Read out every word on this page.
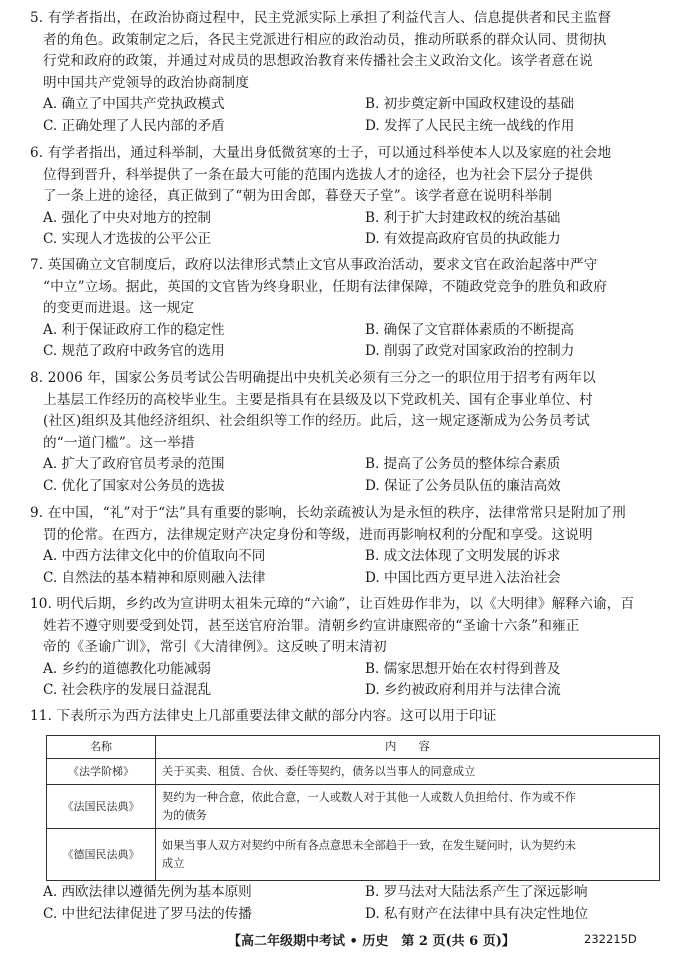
5. 有学者指出，在政治协商过程中，民主党派实际上承担了利益代言人、信息提供者和民主监督
者的角色。政策制定之后，各民主党派进行相应的政治动员，推动所联系的群众认同、贯彻执
行党和政府的政策，并通过对成员的思想政治教育来传播社会主义政治文化。该学者意在说
明中国共产党领导的政治协商制度
A. 确立了中国共产党执政模式	B. 初步奠定新中国政权建设的基础
C. 正确处理了人民内部的矛盾	D. 发挥了人民民主统一战线的作用
6. 有学者指出，通过科举制，大量出身低微贫寒的士子，可以通过科举使本人以及家庭的社会地
位得到晋升，科举提供了一条在最大可能的范围内选拔人才的途径，也为社会下层分子提供
了一条上进的途径，真正做到了“朝为田舍郎，暮登天子堂”。该学者意在说明科举制
A. 强化了中央对地方的控制	B. 利于扩大封建政权的统治基础
C. 实现人才选拔的公平公正	D. 有效提高政府官员的执政能力
7. 英国确立文官制度后，政府以法律形式禁止文官从事政治活动，要求文官在政治起落中严守
“中立”立场。据此，英国的文官皆为终身职业，任期有法律保障，不随政党竞争的胜负和政府
的变更而进退。这一规定
A. 利于保证政府工作的稳定性	B. 确保了文官群体素质的不断提高
C. 规范了政府中政务官的选用	D. 削弱了政党对国家政治的控制力
8. 2006 年，国家公务员考试公告明确提出中央机关必须有三分之一的职位用于招考有两年以
上基层工作经历的高校毕业生。主要是指具有在县级及以下党政机关、国有企事业单位、村
(社区)组织及其他经济组织、社会组织等工作的经历。此后，这一规定逐渐成为公务员考试
的“一道门槛”。这一举措
A. 扩大了政府官员考录的范围	B. 提高了公务员的整体综合素质
C. 优化了国家对公务员的选拔	D. 保证了公务员队伍的廉洁高效
9. 在中国，“礼”对于“法”具有重要的影响，长幼亲疏被认为是永恒的秩序，法律常常只是附加了刑
罚的伦常。在西方，法律规定财产决定身份和等级，进而再影响权利的分配和享受。这说明
A. 中西方法律文化中的价值取向不同	B. 成文法体现了文明发展的诉求
C. 自然法的基本精神和原则融入法律	D. 中国比西方更早进入法治社会
10. 明代后期，乡约改为宣讲明太祖朱元璋的“六谕”，让百姓毋作非为，以《大明律》解释六谕，百
姓若不遵守则要受到处罚，甚至送官府治罪。清朝乡约宣讲康熙帝的“圣谕十六条”和雍正
帝的《圣谕广训》，常引《大清律例》。这反映了明末清初
A. 乡约的道德教化功能减弱	B. 儒家思想开始在农村得到普及
C. 社会秩序的发展日益混乱	D. 乡约被政府利用并与法律合流
11. 下表所示为西方法律史上几部重要法律文献的部分内容。这可以用于印证
名称	内　　容
《法学阶梯》	关于买卖、租赁、合伙、委任等契约，债务以当事人的同意成立

《法国民法典》	契约为一种合意，依此合意，一人或数人对于其他一人或数人负担给付、作为或不作
为的债务

《德国民法典》	如果当事人双方对契约中所有各点意思未全部趋于一致，在发生疑问时，认为契约未
成立
A. 西欧法律以遵循先例为基本原则	B. 罗马法对大陆法系产生了深远影响
C. 中世纪法律促进了罗马法的传播	D. 私有财产在法律中具有决定性地位
【高二年级期中考试 • 历史　第 2 页(共 6 页)】	232215D
